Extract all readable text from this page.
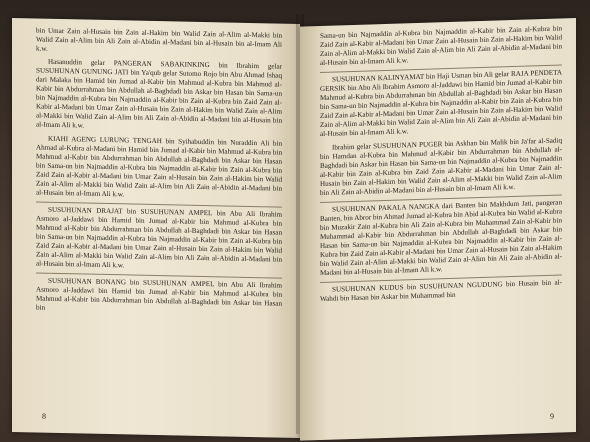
bin Umar Zain al-Husain bin Zain al-Hakim bin Walid Zain al-Alim al-Makki bin Walid Zain al-Alim bin Ali Zain al-Abidin al-Madani bin al-Husain bin al-Imam Ali k.w.

Hasanuddin gelar PANGERAN SABAKINKING bin Ibrahim gelar SUSUHUNAN GUNUNG JATI bin Ya'qub gelar Sutomo Rojo bin Abu Ahmad Ishaq dari Malaka bin Hamid bin Jumad al-Kabir bin Mahmud al-Kubra bin Mahmud al-Kabir bin Abdurrahman bin Abdullah al-Baghdadi bin Askar bin Hasan bin Sama-un bin Najmaddin al-Kubra bin Najmaddin al-Kabir bin Zain al-Kubra bin Zaid Zain al-Kabir al-Madani bin Umar Zain al-Husain bin Zain al-Hakim bin Walid Zain al-Alim al-Makki bin Walid Zain al-Alim bin Ali Zain al-Abidin al-Madani bin al-Husain bin al-Imam Ali k.w.

KIAHI AGENG LURUNG TENGAH bin Syihabuddin bin Nuraddin Ali bin Ahmad al-Kubra al-Madani bin Hamid bin Jumad al-Kabir bin Mahmud al-Kubra bin Mahmud al-Kabir bin Abdurrahman bin Abdullah al-Baghdadi bin Askar bin Hasan bin Sama-un bin Najmaddin al-Kubra bin Najmaddin al-Kabir bin Zain al-Kubra bin Zaid Zain al-Kabir al-Madani bin Umar Zain al-Husain bin Zain al-Hakim bin Walid Zain al-Alim al-Makki bin Walid Zain al-Alim bin Ali Zain al-Abidin al-Madani bin al-Husain bin al-Imam Ali k.w.

SUSUHUNAN DRAJAT bin SUSUHUNAN AMPEL bin Abu Ali Ibrahim Asmoro al-Jaddawi bin Hamid bin Jumad al-Kabir bin Mahmud al-Kubra bin Mahmud al-Kabir bin Abdurrahman bin Abdullah al-Baghdadi bin Askar bin Hasan bin Sama-un bin Najmaddin al-Kubra bin Najmaddin al-Kabir bin Zain al-Kubra bin Zaid Zain al-Kabir al-Madani bin Umar Zain al-Husain bin Zain al-Hakim bin Walid Zain al-Alim al-Makki bin Walid Zain al-Alim bin Ali Zain al-Abidin al-Madani bin al-Husain bin al-Imam Ali k.w.

SUSUHUNAN BONANG bin SUSUHUNAN AMPEL bin Abu Ali Ibrahim Asmoro al-Jaddawi bin Hamid bin Jumad al-Kabir bin Mahmud al-Kubra bin Mahmud al-Kabir bin Abdurrahman bin Abdullah al-Baghdadi bin Askar bin Hasan bin

8

Sama-un bin Najmaddin al-Kubra bin Najmaddin al-Kabir bin Zain al-Kubra bin Zaid Zain al-Kabir al-Madani bin Umar Zain al-Husain bin Zain al-Hakim bin Walid Zain al-Alim al-Makki bin Walid Zain al-Alim bin Ali Zain al-Abidin al-Madani bin al-Husain bin al-Imam Ali k.w.

SUSUHUNAN KALINYAMAT bin Haji Usman bin Ali gelar RAJA PENDETA GERSIK bin Abu Ali Ibrahim Asmoro al-Jaddawi bin Hamid bin Jumad al-Kabir bin Mahmud al-Kubra bin Abdurrahman bin Abdullah al-Baghdadi bin Askar bin Hasan bin Sama-un bin Najmaddin al-Kubra bin Najmaddin al-Kabir bin Zain al-Kubra bin Zaid Zain al-Kabir al-Madani bin Umar Zain al-Husain bin Zain al-Hakim bin Walid Zain al-Alim al-Makki bin Walid Zain al-Alim bin Ali Zain al-Abidin al-Madani bin al-Husain bin al-Imam Ali k.w.

Ibrahim gelar SUSUHUNAN PUGER bin Askhan bin Malik bin Ja'far al-Sadiq bin Hamdan al-Kubra bin Mahmud al-Kabir bin Abdurrahman bin Abdullah al-Baghdadi bin Askar bin Hasan bin Sama-un bin Najmaddin al-Kubra bin Najmaddin al-Kabir bin Zain al-Kubra bin Zaid Zain al-Kabir al-Madani bin Umar Zain al-Husain bin Zain al-Hakim bin Walid Zain al-Alim al-Makki bin Walid Zain al-Alim bin Ali Zain al-Abidin al-Madani bin al-Husain bin al-Imam Ali k.w.

SUSUHUNAN PAKALA NANGKA dari Banten bin Makhdum Jati, pangeran Banten, bin Abror bin Ahmad Jumad al-Kubra bin Abid al-Kubra bin Walid al-Kubra bin Muzakir Zain al-Kubra bin Ali Zain al-Kubra bin Muhammad Zain al-Kabir bin Muhammad al-Kabir bin Abdurrahman bin Abdullah al-Baghdadi bin Askar bin Hasan bin Sama-un bin Najmaddin al-Kubra bin Najmaddin al-Kabir bin Zain al-Kubra bin Zaid Zain al-Kabir al-Madani bin Umar Zain al-Husain bin Zain al-Hakim bin Walid Zain al-Alim al-Makki bin Walid Zain al-Alim bin Ali Zain al-Abidin al-Madani bin al-Husain bin al-Imam Ali k.w.

SUSUHUNAN KUDUS bin SUSUHUNAN NGUDUNG bin Husain bin al-Wahdi bin Hasan bin Askar bin Muhammad bin

9
